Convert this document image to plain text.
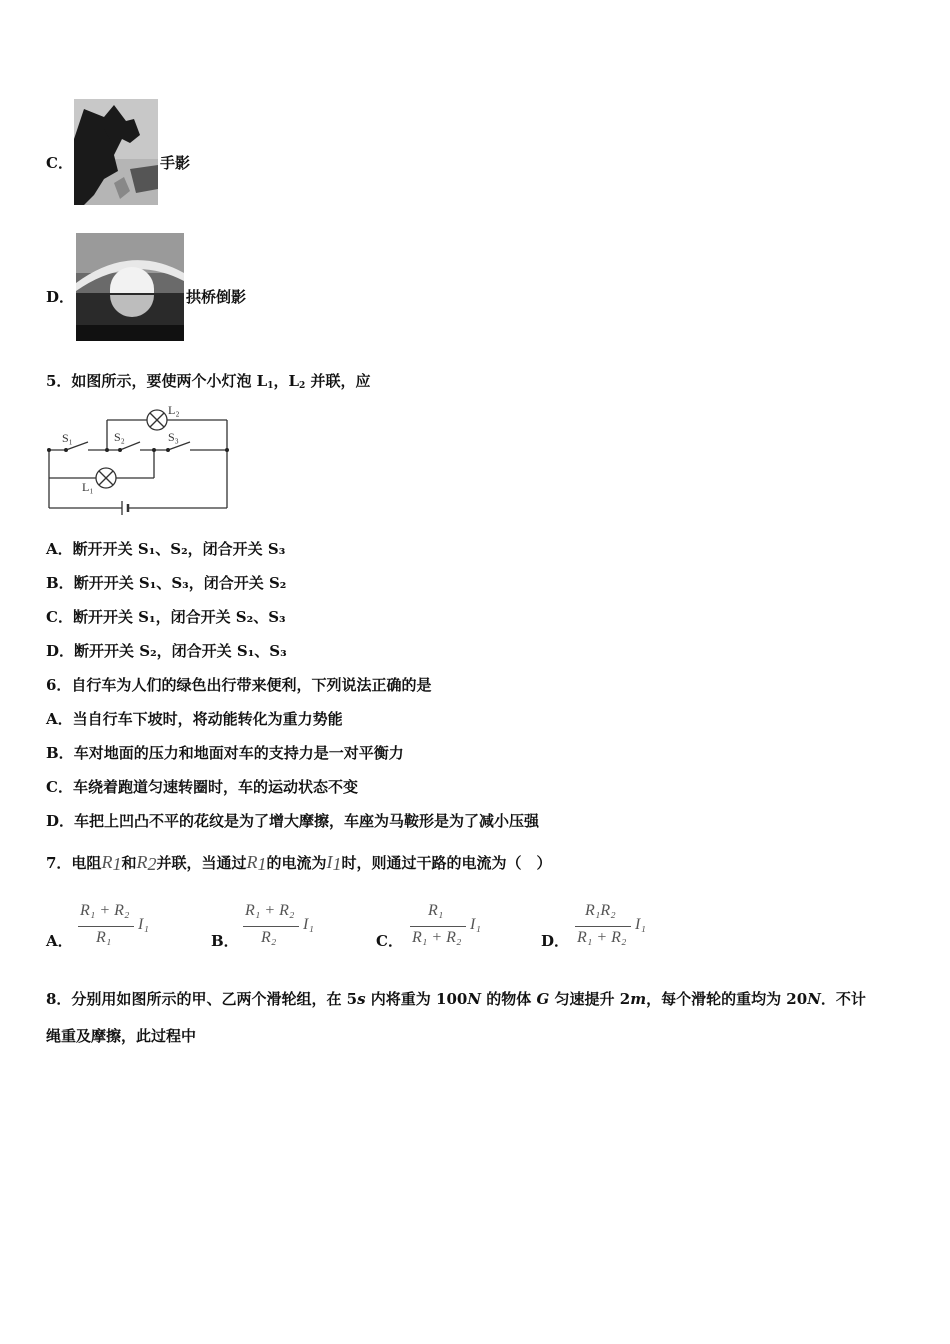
C．	手影
D．	拱桥倒影
5．如图所示，要使两个小灯泡 $L_1$，$L_2$ 并联，应
S₁	S₂	S₃
L₂
L₁
A．断开开关 S₁、S₂，闭合开关 S₃
B．断开开关 S₁、S₃，闭合开关 S₂
C．断开开关 S₁，闭合开关 S₂、S₃
D．断开开关 S₂，闭合开关 S₁、S₃
6．自行车为人们的绿色出行带来便利，下列说法正确的是
A．当自行车下坡时，将动能转化为重力势能
B．车对地面的压力和地面对车的支持力是一对平衡力
C．车绕着跑道匀速转圈时，车的运动状态不变
D．车把上凹凸不平的花纹是为了增大摩擦，车座为马鞍形是为了减小压强
7．电阻$R_1$和$R_2$并联，当通过$R_1$的电流为$I_1$时，则通过干路的电流为（　）
A．
R₁ + R₂
R₁
I₁
B．
R₁ + R₂
R₂
I₁
C．
R₁
R₁ + R₂
I₁
D．
R₁R₂
R₁ + R₂
I₁
8．分别用如图所示的甲、乙两个滑轮组，在 5s 内将重为 100N 的物体 G 匀速提升 2m，每个滑轮的重均为 20N．不计
绳重及摩擦，此过程中
